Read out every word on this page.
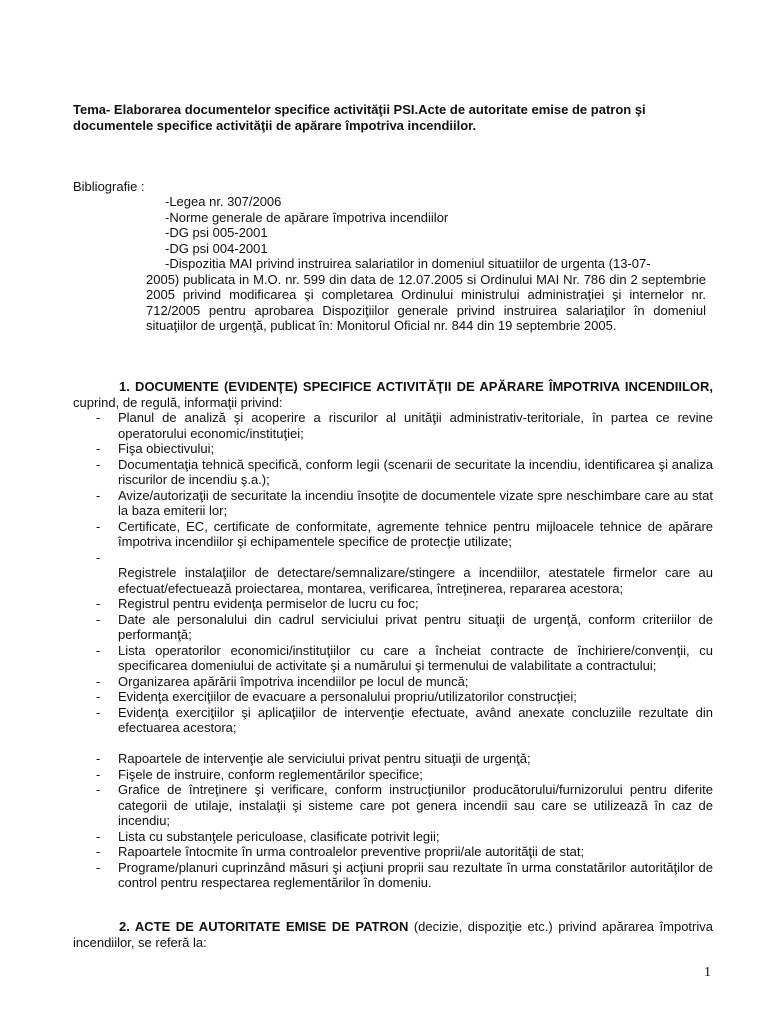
Tema- Elaborarea documentelor specifice activităţii PSI.Acte de autoritate emise de patron şi documentele specifice activităţii de apărare împotriva incendiilor.
Bibliografie :
-Legea nr. 307/2006
-Norme generale de apărare împotriva incendiilor
-DG psi 005-2001
-DG psi 004-2001
-Dispozitia MAI privind instruirea salariatilor in domeniul situatiilor de urgenta (13-07-
2005) publicata in M.O. nr. 599 din data de 12.07.2005 si Ordinului MAI Nr. 786 din 2 septembrie 2005 privind modificarea şi completarea Ordinului ministrului administraţiei şi internelor nr. 712/2005 pentru aprobarea Dispoziţiilor generale privind instruirea salariaţilor în domeniul situaţiilor de urgenţă, publicat în: Monitorul Oficial nr. 844 din 19 septembrie 2005.
1. DOCUMENTE (EVIDENŢE) SPECIFICE ACTIVITĂŢII DE APĂRARE ÎMPOTRIVA INCENDIILOR, cuprind, de regulă, informaţii privind:
- Planul de analiză şi acoperire a riscurilor al unităţii administrativ-teritoriale, în partea ce revine operatorului economic/instituţiei;
- Fişa obiectivului;
- Documentaţia tehnică specifică, conform legii (scenarii de securitate la incendiu, identificarea şi analiza riscurilor de incendiu ş.a.);
- Avize/autorizaţii de securitate la incendiu însoţite de documentele vizate spre neschimbare care au stat la baza emiterii lor;
- Certificate, EC, certificate de conformitate, agremente tehnice pentru mijloacele tehnice de apărare împotriva incendiilor şi echipamentele specifice de protecţie utilizate;
-

Registrele instalaţiilor de detectare/semnalizare/stingere a incendiilor, atestatele firmelor care au efectuat/efectuează proiectarea, montarea, verificarea, întreţinerea, repararea acestora;
- Registrul pentru evidenţa permiselor de lucru cu foc;
- Date ale personalului din cadrul serviciului privat pentru situaţii de urgenţă, conform criteriilor de performanţă;
- Lista operatorilor economici/instituţiilor cu care a încheiat contracte de închiriere/convenţii, cu specificarea domeniului de activitate şi a numărului şi termenului de valabilitate a contractului;
- Organizarea apărării împotriva incendiilor pe locul de muncă;
- Evidenţa exerciţiilor de evacuare a personalului propriu/utilizatorilor construcţiei;
- Evidenţa exerciţiilor şi aplicaţiilor de intervenţie efectuate, având anexate concluziile rezultate din efectuarea acestora;
- Rapoartele de intervenţie ale serviciului privat pentru situaţii de urgenţă;
- Fişele de instruire, conform reglementărilor specifice;
- Grafice de întreţinere şi verificare, conform instrucţiunilor producătorului/furnizorului pentru diferite categorii de utilaje, instalaţii şi sisteme care pot genera incendii sau care se utilizează în caz de incendiu;
- Lista cu substanţele periculoase, clasificate potrivit legii;
- Rapoartele întocmite în urma controalelor preventive proprii/ale autorităţii de stat;
- Programe/planuri cuprinzând măsuri şi acţiuni proprii sau rezultate în urma constatărilor autorităţilor de control pentru respectarea reglementărilor în domeniu.
2. ACTE DE AUTORITATE EMISE DE PATRON (decizie, dispoziţie etc.) privind apărarea împotriva incendiilor, se referă la:
1
